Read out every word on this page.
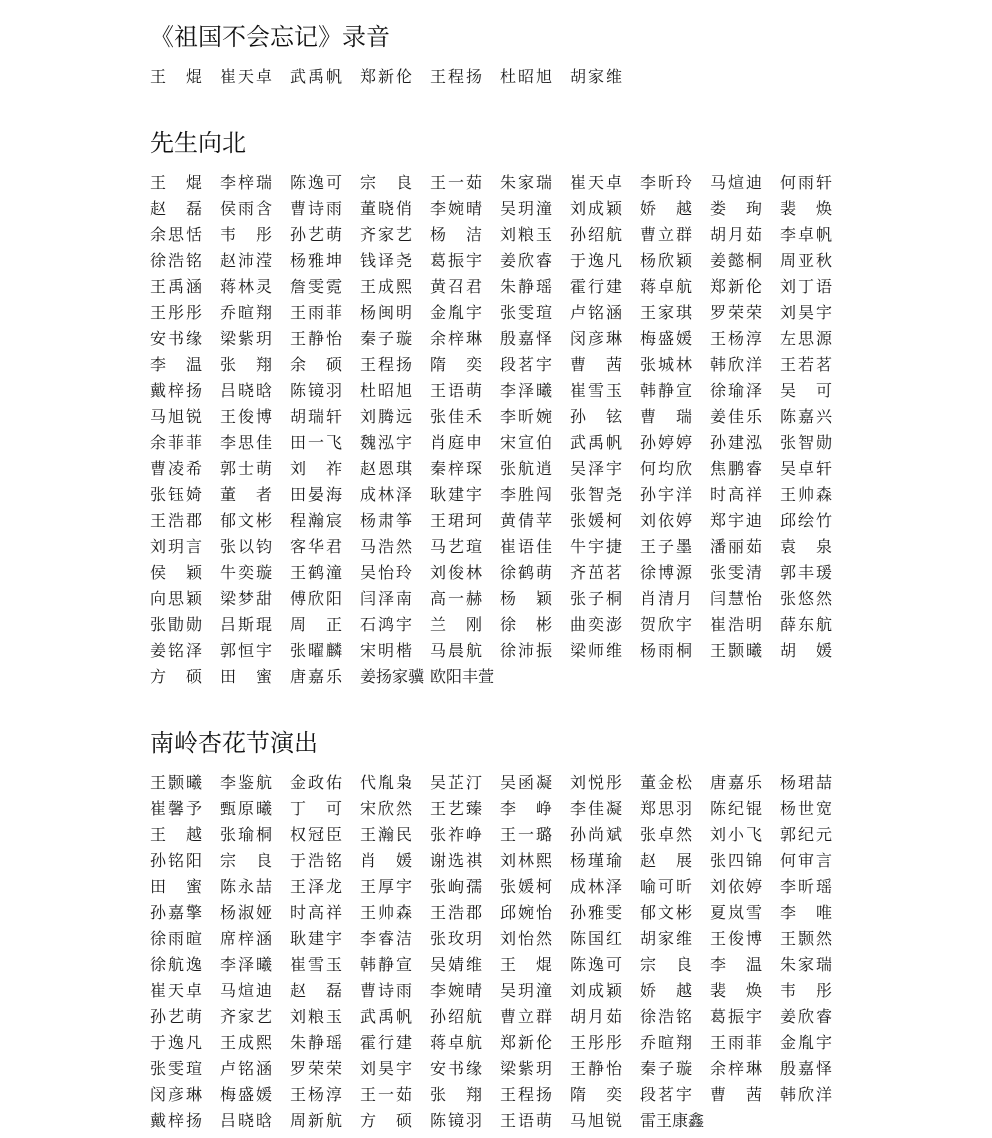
《祖国不会忘记》录音
王　焜 崔天卓 武禹帆 郑新伦 王程扬 杜昭旭 胡家维
先生向北
王　焜 李梓瑞 陈逸可 宗　良 王一茹 朱家瑞 崔天卓 李昕玲 马煊迪 何雨轩
赵　磊 侯雨含 曹诗雨 董晓俏 李婉晴 吴玥潼 刘成颖 娇　越 娄　珣 裴　焕
余思恬 韦　彤 孙艺萌 齐家艺 杨　洁 刘粮玉 孙绍航 曹立群 胡月茹 李卓帆
徐浩铭 赵沛滢 杨雅坤 钱译尧 葛振宇 姜欣睿 于逸凡 杨欣颖 姜懿桐 周亚秋
王禹涵 蒋林灵 詹雯霓 王成熙 黄召君 朱静瑶 霍行建 蒋卓航 郑新伦 刘丁语
王彤彤 乔暄翔 王雨菲 杨闽明 金胤宇 张雯瑄 卢铭涵 王家琪 罗荣荣 刘昊宇
安书缘 梁紫玥 王静怡 秦子璇 余梓琳 殷嘉怿 闵彦琳 梅盛媛 王杨淳 左思源
李　温 张　翔 余　硕 王程扬 隋　奕 段茗宇 曹　茜 张城林 韩欣洋 王若茗
戴梓扬 吕晓晗 陈镜羽 杜昭旭 王语萌 李泽曦 崔雪玉 韩静宣 徐瑜泽 吴　可
马旭锐 王俊博 胡瑞轩 刘腾远 张佳禾 李昕婉 孙　铉 曹　瑞 姜佳乐 陈嘉兴
余菲菲 李思佳 田一飞 魏泓宇 肖庭申 宋宣伯 武禹帆 孙婷婷 孙建泓 张智勋
曹凌希 郭士萌 刘　祚 赵恩琪 秦梓琛 张航逍 吴泽宇 何均欣 焦鹏睿 吴卓轩
张钰婍 董　者 田晏海 成林泽 耿建宇 李胜闯 张智尧 孙宇洋 时高祥 王帅森
王浩郡 郁文彬 程瀚宸 杨肃筝 王珺珂 黄倩苹 张媛柯 刘依婷 郑宇迪 邱绘竹
刘玥言 张以钧 客华君 马浩然 马艺瑄 崔语佳 牛宇捷 王子墨 潘丽茹 袁　泉
侯　颖 牛奕璇 王鹤潼 吴怡玲 刘俊林 徐鹤萌 齐茁茗 徐博源 张雯清 郭丰瑗
向思颖 梁梦甜 傅欣阳 闫泽南 高一赫 杨　颖 张子桐 肖清月 闫慧怡 张悠然
张勖勋 吕斯琨 周　正 石鸿宇 兰　刚 徐　彬 曲奕澎 贺欣宇 崔浩明 薛东航
姜铭泽 郭恒宇 张曜麟 宋明楷 马晨航 徐沛振 梁师维 杨雨桐 王颢曦 胡　媛
方　硕 田　蜜 唐嘉乐 姜扬家骥 欧阳丰萱
南岭杏花节演出
王颢曦 李鉴航 金政佑 代胤枭 吴芷汀 吴函凝 刘悦彤 董金松 唐嘉乐 杨珺喆
崔馨予 甄原曦 丁　可 宋欣然 王艺臻 李　峥 李佳凝 郑思羽 陈纪锟 杨世宽
王　越 张瑜桐 权冠臣 王瀚民 张祚峥 王一璐 孙尚斌 张卓然 刘小飞 郭纪元
孙铭阳 宗　良 于浩铭 肖　媛 谢选祺 刘林熙 杨瑾瑜 赵　展 张四锦 何审言
田　蜜 陈永喆 王泽龙 王厚宇 张峋孺 张媛柯 成林泽 喻可昕 刘依婷 李昕瑶
孙嘉擎 杨淑娅 时高祥 王帅森 王浩郡 邱婉怡 孙雅雯 郁文彬 夏岚雪 李　唯
徐雨暄 席梓涵 耿建宇 李睿洁 张玫玥 刘怡然 陈国红 胡家维 王俊博 王颢然
徐航逸 李泽曦 崔雪玉 韩静宣 吴婧维 王　焜 陈逸可 宗　良 李　温 朱家瑞
崔天卓 马煊迪 赵　磊 曹诗雨 李婉晴 吴玥潼 刘成颖 娇　越 裴　焕 韦　彤
孙艺萌 齐家艺 刘粮玉 武禹帆 孙绍航 曹立群 胡月茹 徐浩铭 葛振宇 姜欣睿
于逸凡 王成熙 朱静瑶 霍行建 蒋卓航 郑新伦 王彤彤 乔暄翔 王雨菲 金胤宇
张雯瑄 卢铭涵 罗荣荣 刘昊宇 安书缘 梁紫玥 王静怡 秦子璇 余梓琳 殷嘉怿
闵彦琳 梅盛媛 王杨淳 王一茹 张　翔 王程扬 隋　奕 段茗宇 曹　茜 韩欣洋
戴梓扬 吕晓晗 周新航 方　硕 陈镜羽 王语萌 马旭锐 雷王康鑫
